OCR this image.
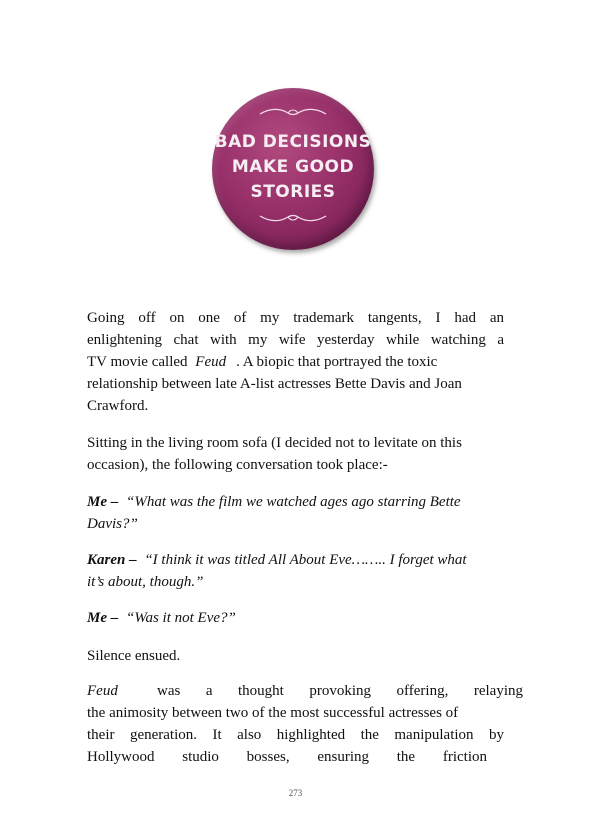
BAD DECISIONS
MAKE GOOD
STORIES
Going off on one of my trademark tangents, I had an
enlightening chat with my wife yesterday while watching a
TV movie called Feud . A biopic that portrayed the toxic
relationship between late A-list actresses Bette Davis and Joan
Crawford.
Sitting in the living room sofa (I decided not to levitate on this
occasion), the following conversation took place:-
Me – “What was the film we watched ages ago starring Bette
Davis?”
Karen – “I think it was titled All About Eve…….. I forget what
it’s about, though.”
Me – “Was it not Eve?”
Silence ensued.
Feud	was a thought provoking offering, relaying
the animosity between two of the most successful actresses of
their generation. It also highlighted the manipulation by
Hollywood studio bosses, ensuring the friction
273
